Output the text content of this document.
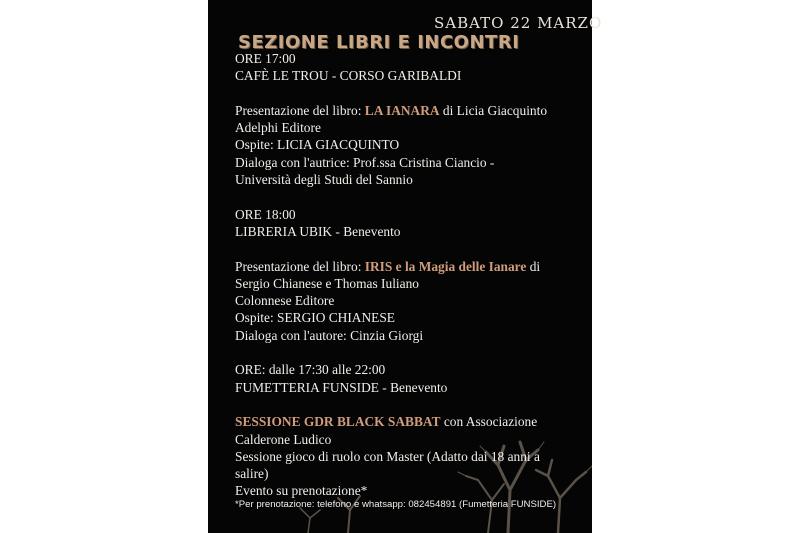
SEZIONE LIBRI E INCONTRI
ORE 17:00
CAFÈ LE TROU - CORSO GARIBALDI
Presentazione del libro: LA IANARA di Licia Giacquinto
Adelphi Editore
Ospite: LICIA GIACQUINTO
Dialoga con l'autrice: Prof.ssa Cristina Ciancio -
Università degli Studi del Sannio
ORE 18:00
LIBRERIA UBIK - Benevento
Presentazione del libro: IRIS e la Magia delle Ianare di
Sergio Chianese e Thomas Iuliano
Colonnese Editore
Ospite: SERGIO CHIANESE
Dialoga con l'autore: Cinzia Giorgi
ORE: dalle 17:30 alle 22:00
FUMETTERIA FUNSIDE - Benevento
SESSIONE GDR BLACK SABBAT con Associazione
Calderone Ludico
Sessione gioco di ruolo con Master (Adatto dai 18 anni a
salire)
Evento su prenotazione*
*Per prenotazione: telefono e whatsapp: 082454891 (Fumetteria FUNSIDE)
SABATO 22 MARZO
